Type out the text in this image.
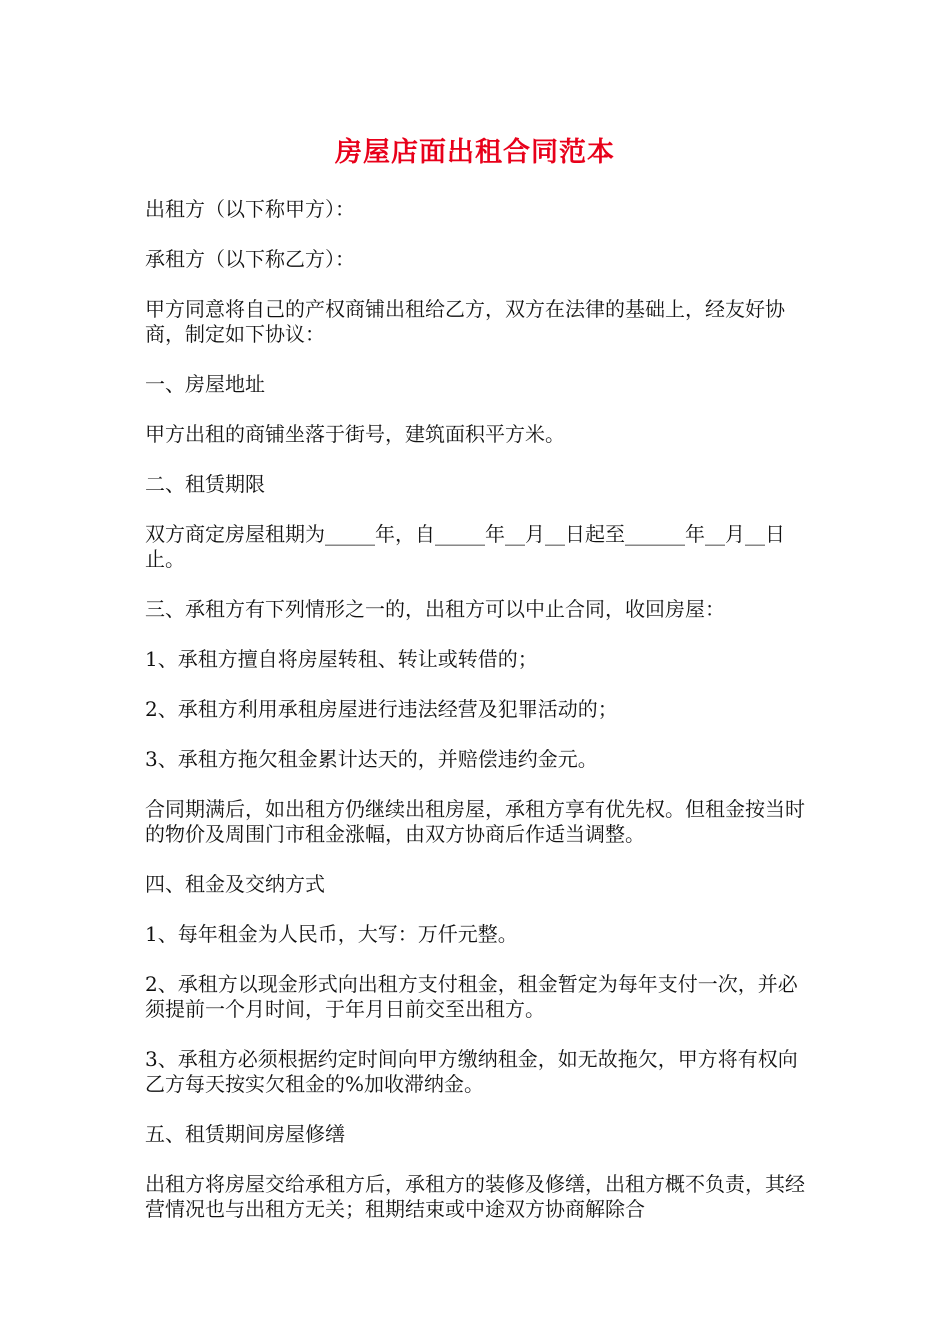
房屋店面出租合同范本

出租方（以下称甲方）：

承租方（以下称乙方）：

甲方同意将自己的产权商铺出租给乙方，双方在法律的基础上，经友好协商，制定如下协议：

一、房屋地址

甲方出租的商铺坐落于街号，建筑面积平方米。

二、租赁期限

双方商定房屋租期为_____年，自_____年__月__日起至______年__月__日止。

三、承租方有下列情形之一的，出租方可以中止合同，收回房屋：

1、承租方擅自将房屋转租、转让或转借的；

2、承租方利用承租房屋进行违法经营及犯罪活动的；

3、承租方拖欠租金累计达天的，并赔偿违约金元。

合同期满后，如出租方仍继续出租房屋，承租方享有优先权。但租金按当时的物价及周围门市租金涨幅，由双方协商后作适当调整。

四、租金及交纳方式

1、每年租金为人民币，大写：万仟元整。

2、承租方以现金形式向出租方支付租金，租金暂定为每年支付一次，并必须提前一个月时间，于年月日前交至出租方。

3、承租方必须根据约定时间向甲方缴纳租金，如无故拖欠，甲方将有权向乙方每天按实欠租金的%加收滞纳金。

五、租赁期间房屋修缮

出租方将房屋交给承租方后，承租方的装修及修缮，出租方概不负责，其经营情况也与出租方无关；租期结束或中途双方协商解除合
